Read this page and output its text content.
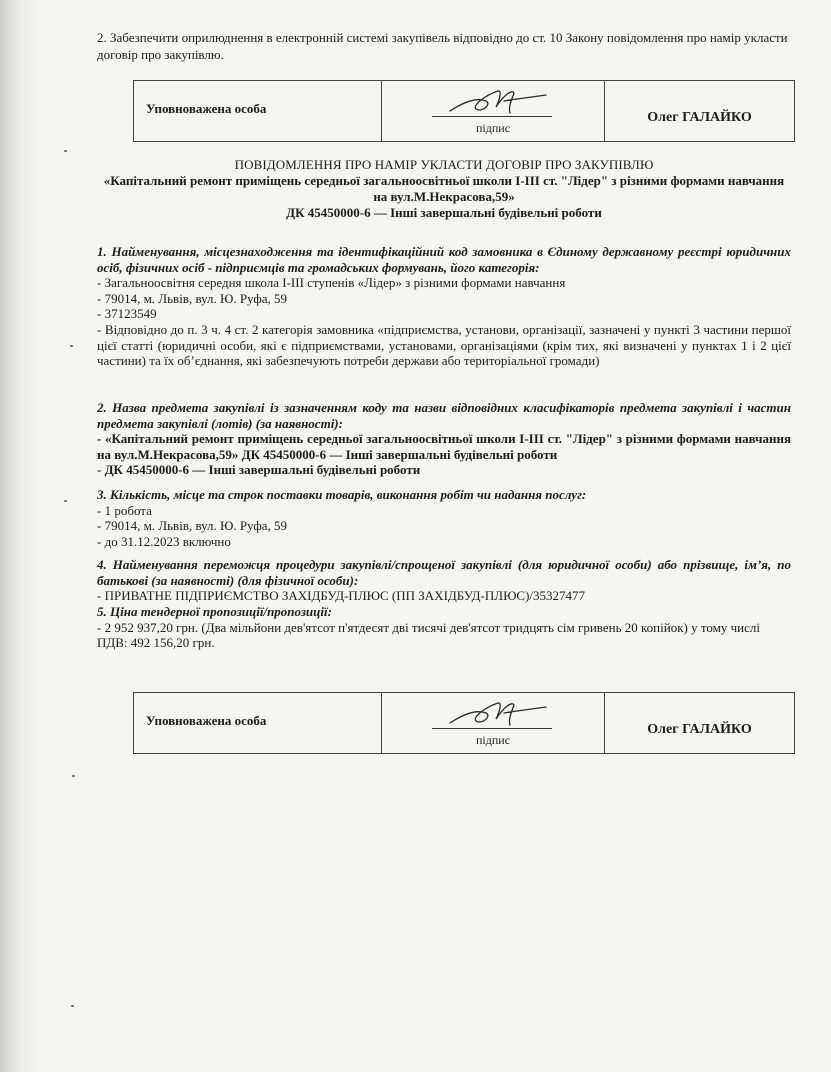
2. Забезпечити оприлюднення в електронній системі закупівель відповідно до ст. 10 Закону повідомлення про намір укласти договір про закупівлю.
Уповноважена особа
підпис
Олег ГАЛАЙКО
ПОВІДОМЛЕННЯ ПРО НАМІР УКЛАСТИ ДОГОВІР ПРО ЗАКУПІВЛЮ
«Капітальний ремонт приміщень середньої загальноосвітньої школи І-ІІІ ст. "Лідер" з різними формами навчання на вул.М.Некрасова,59»
ДК 45450000-6 — Інші завершальні будівельні роботи
1. Найменування, місцезнаходження та ідентифікаційний код замовника в Єдиному державному реєстрі юридичних осіб, фізичних осіб - підприємців та громадських формувань, його категорія:
- Загальноосвітня середня школа І-ІІІ ступенів «Лідер» з різними формами навчання
- 79014, м. Львів, вул. Ю. Руфа, 59
- 37123549
- Відповідно до п. 3 ч. 4 ст. 2 категорія замовника «підприємства, установи, організації, зазначені у пункті 3 частини першої цієї статті (юридичні особи, які є підприємствами, установами, організаціями (крім тих, які визначені у пунктах 1 і 2 цієї частини) та їх об’єднання, які забезпечують потреби держави або територіальної громади)
2. Назва предмета закупівлі із зазначенням коду та назви відповідних класифікаторів предмета закупівлі і частин предмета закупівлі (лотів) (за наявності):
- «Капітальний ремонт приміщень середньої загальноосвітньої школи І-ІІІ ст. "Лідер" з різними формами навчання на вул.М.Некрасова,59» ДК 45450000-6 — Інші завершальні будівельні роботи
- ДК 45450000-6 — Інші завершальні будівельні роботи
3. Кількість, місце та строк поставки товарів, виконання робіт чи надання послуг:
- 1 робота
- 79014, м. Львів, вул. Ю. Руфа, 59
- до 31.12.2023 включно
4. Найменування переможця процедури закупівлі/спрощеної закупівлі (для юридичної особи) або прізвище, ім’я, по батькові (за наявності) (для фізичної особи):
- ПРИВАТНЕ ПІДПРИЄМСТВО ЗАХІДБУД-ПЛЮС (ПП ЗАХІДБУД-ПЛЮС)/35327477
5. Ціна тендерної пропозиції/пропозиції:
- 2 952 937,20 грн. (Два мільйони дев'ятсот п'ятдесят дві тисячі дев'ятсот тридцять сім гривень 20 копійок) у тому числі ПДВ: 492 156,20 грн.
Уповноважена особа
підпис
Олег ГАЛАЙКО
